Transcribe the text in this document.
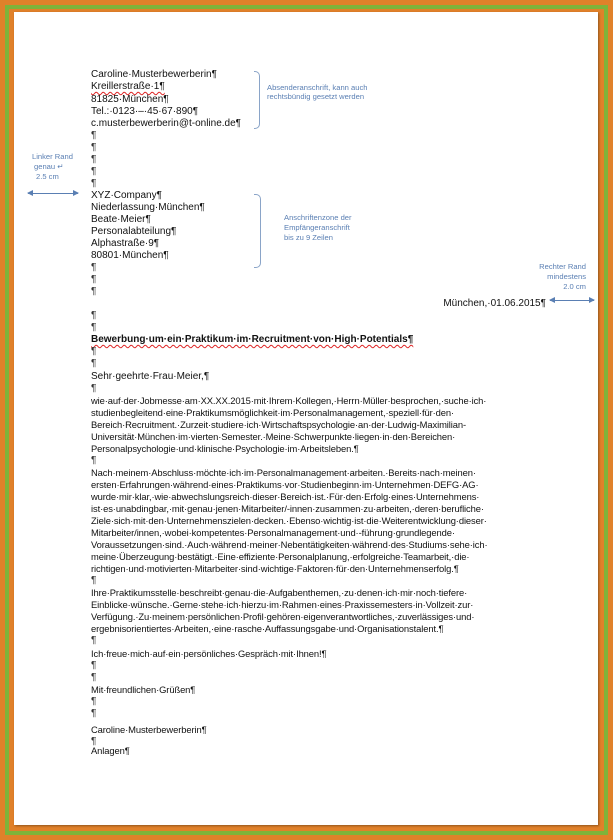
Caroline·Musterbewerberin¶
Kreillerstraße·1¶
81825·München¶
Tel.:·0123·–·45·67·890¶
c.musterbewerberin@t-online.de¶
¶
¶
¶
¶
¶
XYZ·Company¶
Niederlassung·München¶
Beate·Meier¶
Personalabteilung¶
Alphastraße·9¶
80801·München¶
¶
¶
¶
München,·01.06.2015¶
¶
¶
Bewerbung·um·ein·Praktikum·im·Recruitment·von·High·Potentials¶
¶
¶
Sehr·geehrte·Frau·Meier,¶
¶
wie·auf·der·Jobmesse·am·XX.XX.2015·mit·Ihrem·Kollegen,·Herrn·Müller·besprochen,·suche·ich·
studienbegleitend·eine·Praktikumsmöglichkeit·im·Personalmanagement,·speziell·für·den·
Bereich·Recruitment.·Zurzeit·studiere·ich·Wirtschaftspsychologie·an·der·Ludwig-Maximilian-
Universität·München·im·vierten·Semester.·Meine·Schwerpunkte·liegen·in·den·Bereichen·
Personalpsychologie·und·klinische·Psychologie·im·Arbeitsleben.¶
¶
Nach·meinem·Abschluss·möchte·ich·im·Personalmanagement·arbeiten.·Bereits·nach·meinen·
ersten·Erfahrungen·während·eines·Praktikums·vor·Studienbeginn·im·Unternehmen·DEFG·AG·
wurde·mir·klar,·wie·abwechslungsreich·dieser·Bereich·ist.·Für·den·Erfolg·eines·Unternehmens·
ist·es·unabdingbar,·mit·genau·jenen·Mitarbeiter/-innen·zusammen·zu·arbeiten,·deren·berufliche·
Ziele·sich·mit·den·Unternehmenszielen·decken.·Ebenso·wichtig·ist·die·Weiterentwicklung·dieser·
Mitarbeiter/innen,·wobei·kompetentes·Personalmanagement·und·-führung·grundlegende·
Voraussetzungen·sind.·Auch·während·meiner·Nebentätigkeiten·während·des·Studiums·sehe·ich·
meine·Überzeugung·bestätigt.·Eine·effiziente·Personalplanung,·erfolgreiche·Teamarbeit,·die·
richtigen·und·motivierten·Mitarbeiter·sind·wichtige·Faktoren·für·den·Unternehmenserfolg.¶
¶
Ihre·Praktikumsstelle·beschreibt·genau·die·Aufgabenthemen,·zu·denen·ich·mir·noch·tiefere·
Einblicke·wünsche.·Gerne·stehe·ich·hierzu·im·Rahmen·eines·Praxissemesters·in·Vollzeit·zur·
Verfügung.·Zu·meinem·persönlichen·Profil·gehören·eigenverantwortliches,·zuverlässiges·und·
ergebnisorientiertes·Arbeiten,·eine·rasche·Auffassungsgabe·und·Organisationstalent.¶
¶
Ich·freue·mich·auf·ein·persönliches·Gespräch·mit·Ihnen!¶
¶
¶
Mit·freundlichen·Grüßen¶
¶
¶
Caroline·Musterbewerberin¶
¶
Anlagen¶
Absenderanschrift, kann auch
rechtsbündig gesetzt werden
Linker Rand
genau ↵
2.5 cm
Anschriftenzone der
Empfängeranschrift
bis zu 9 Zeilen
Rechter Rand
mindestens
2.0 cm
